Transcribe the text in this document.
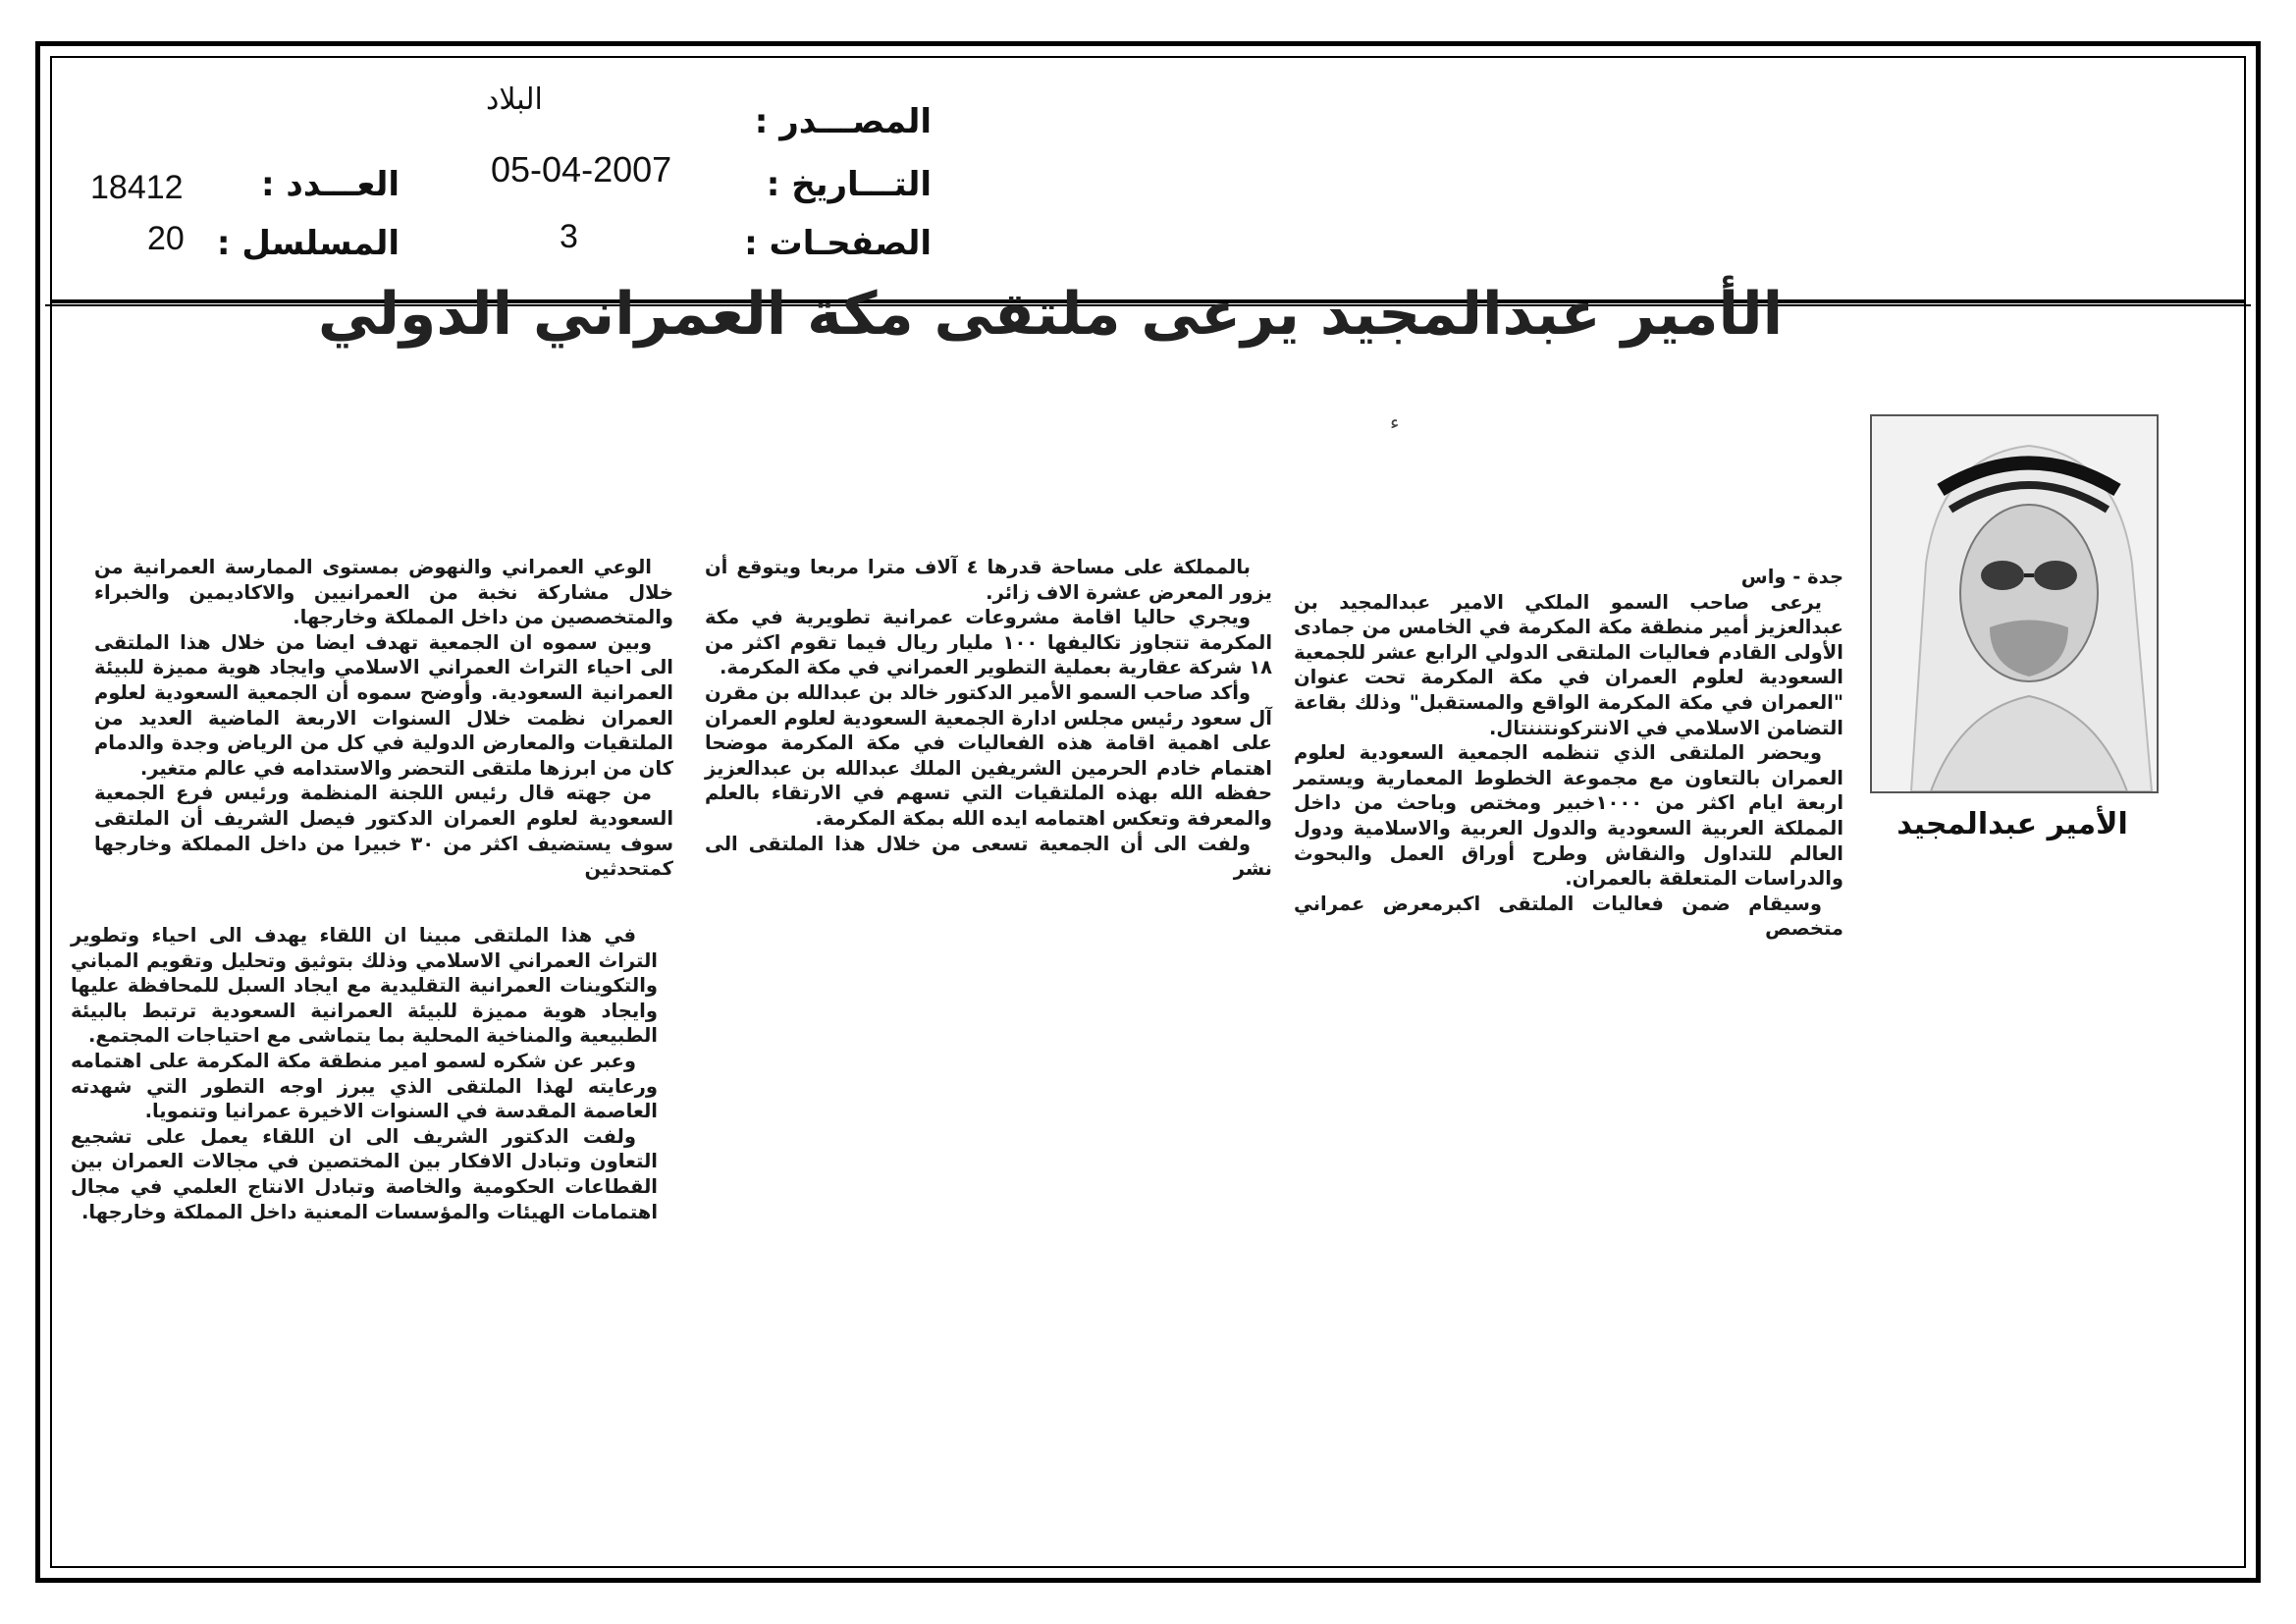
المصـــدر :
البلاد
التـــاريخ :
05-04-2007
الصفحـات :
3
العـــدد :
18412
المسلسل :
20
الأمير عبدالمجيد يرعى ملتقى مكة العمراني الدولي
ء
الأمير عبدالمجيد

جدة - واس

يرعى صاحب السمو الملكي الامير عبدالمجيد بن عبدالعزيز أمير منطقة مكة المكرمة في الخامس من جمادى الأولى القادم فعاليات الملتقى الدولي الرابع عشر للجمعية السعودية لعلوم العمران في مكة المكرمة تحت عنوان "العمران في مكة المكرمة الواقع والمستقبل" وذلك بقاعة التضامن الاسلامي في الانتركونتننتال.

ويحضر الملتقى الذي تنظمه الجمعية السعودية لعلوم العمران بالتعاون مع مجموعة الخطوط المعمارية ويستمر اربعة ايام اكثر من ١٠٠٠خبير ومختص وباحث من داخل المملكة العربية السعودية والدول العربية والاسلامية ودول العالم للتداول والنقاش وطرح أوراق العمل والبحوث والدراسات المتعلقة بالعمران.

وسيقام ضمن فعاليات الملتقى اكبرمعرض عمراني متخصص

بالمملكة على مساحة قدرها ٤ آلاف مترا مربعا ويتوقع أن يزور المعرض عشرة الاف زائر.

ويجري حاليا اقامة مشروعات عمرانية تطويرية في مكة المكرمة تتجاوز تكاليفها ١٠٠ مليار ريال فيما تقوم اكثر من ١٨ شركة عقارية بعملية التطوير العمراني في مكة المكرمة.

وأكد صاحب السمو الأمير الدكتور خالد بن عبدالله بن مقرن آل سعود رئيس مجلس ادارة الجمعية السعودية لعلوم العمران على اهمية اقامة هذه الفعاليات في مكة المكرمة موضحا اهتمام خادم الحرمين الشريفين الملك عبدالله بن عبدالعزيز حفظه الله بهذه الملتقيات التي تسهم في الارتقاء بالعلم والمعرفة وتعكس اهتمامه ايده الله بمكة المكرمة.

ولفت الى أن الجمعية تسعى من خلال هذا الملتقى الى نشر

الوعي العمراني والنهوض بمستوى الممارسة العمرانية من خلال مشاركة نخبة من العمرانيين والاكاديمين والخبراء والمتخصصين من داخل المملكة وخارجها.

وبين سموه ان الجمعية تهدف ايضا من خلال هذا الملتقى الى احياء التراث العمراني الاسلامي وايجاد هوية مميزة للبيئة العمرانية السعودية. وأوضح سموه أن الجمعية السعودية لعلوم العمران نظمت خلال السنوات الاربعة الماضية العديد من الملتقيات والمعارض الدولية في كل من الرياض وجدة والدمام كان من ابرزها ملتقى التحضر والاستدامه في عالم متغير.

من جهته قال رئيس اللجنة المنظمة ورئيس فرع الجمعية السعودية لعلوم العمران الدكتور فيصل الشريف أن الملتقى سوف يستضيف اكثر من ٣٠ خبيرا من داخل المملكة وخارجها كمتحدثين

في هذا الملتقى مبينا ان اللقاء يهدف الى احياء وتطوير التراث العمراني الاسلامي وذلك بتوثيق وتحليل وتقويم المباني والتكوينات العمرانية التقليدية مع ايجاد السبل للمحافظة عليها وايجاد هوية مميزة للبيئة العمرانية السعودية ترتبط بالبيئة الطبيعية والمناخية المحلية بما يتماشى مع احتياجات المجتمع.

وعبر عن شكره لسمو امير منطقة مكة المكرمة على اهتمامه ورعايته لهذا الملتقى الذي يبرز اوجه التطور التي شهدته العاصمة المقدسة في السنوات الاخيرة عمرانيا وتنمويا.

ولفت الدكتور الشريف الى ان اللقاء يعمل على تشجيع التعاون وتبادل الافكار بين المختصين في مجالات العمران بين القطاعات الحكومية والخاصة وتبادل الانتاج العلمي في مجال اهتمامات الهيئات والمؤسسات المعنية داخل المملكة وخارجها.
